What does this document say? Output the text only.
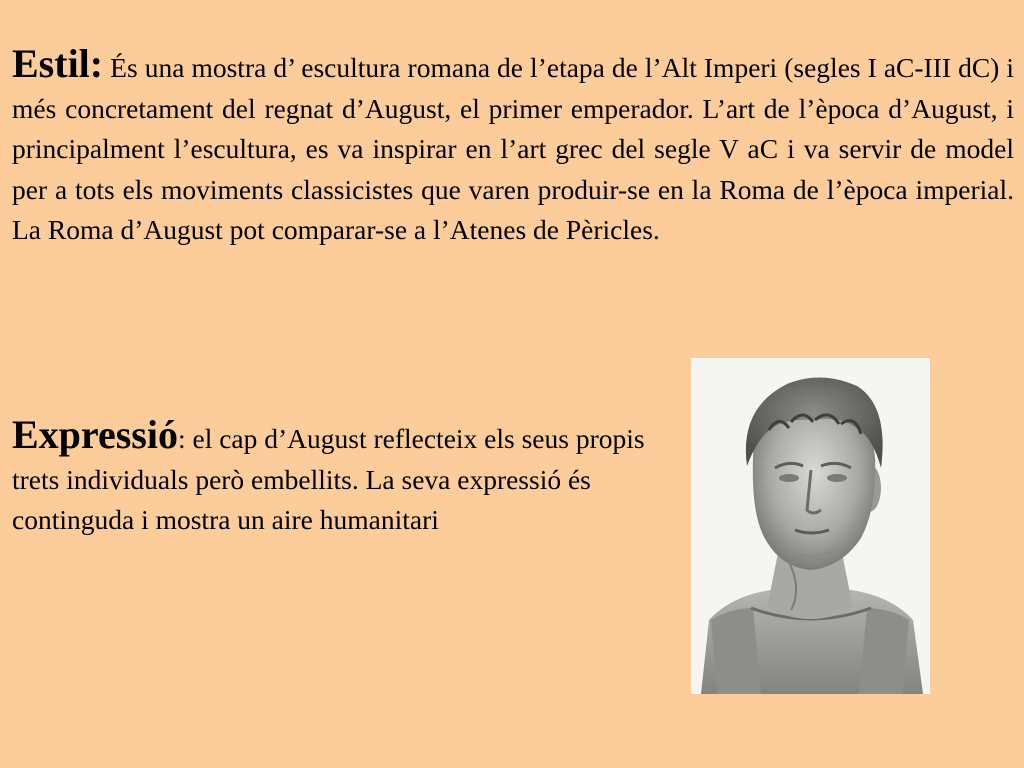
Estil: És una mostra d’ escultura romana de l’etapa de l’Alt Imperi (segles I aC-III dC) i més concretament del regnat d’August, el primer emperador. L’art de l’època d’August, i principalment l’escultura, es va inspirar en l’art grec del segle V aC i va servir de model per a tots els moviments classicistes que varen produir-se en la Roma de l’època imperial. La Roma d’August pot comparar-se a l’Atenes de Pèricles.

Expressió: el cap d’August reflecteix els seus propis trets individuals però embellits. La seva expressió és continguda i mostra un aire humanitari
